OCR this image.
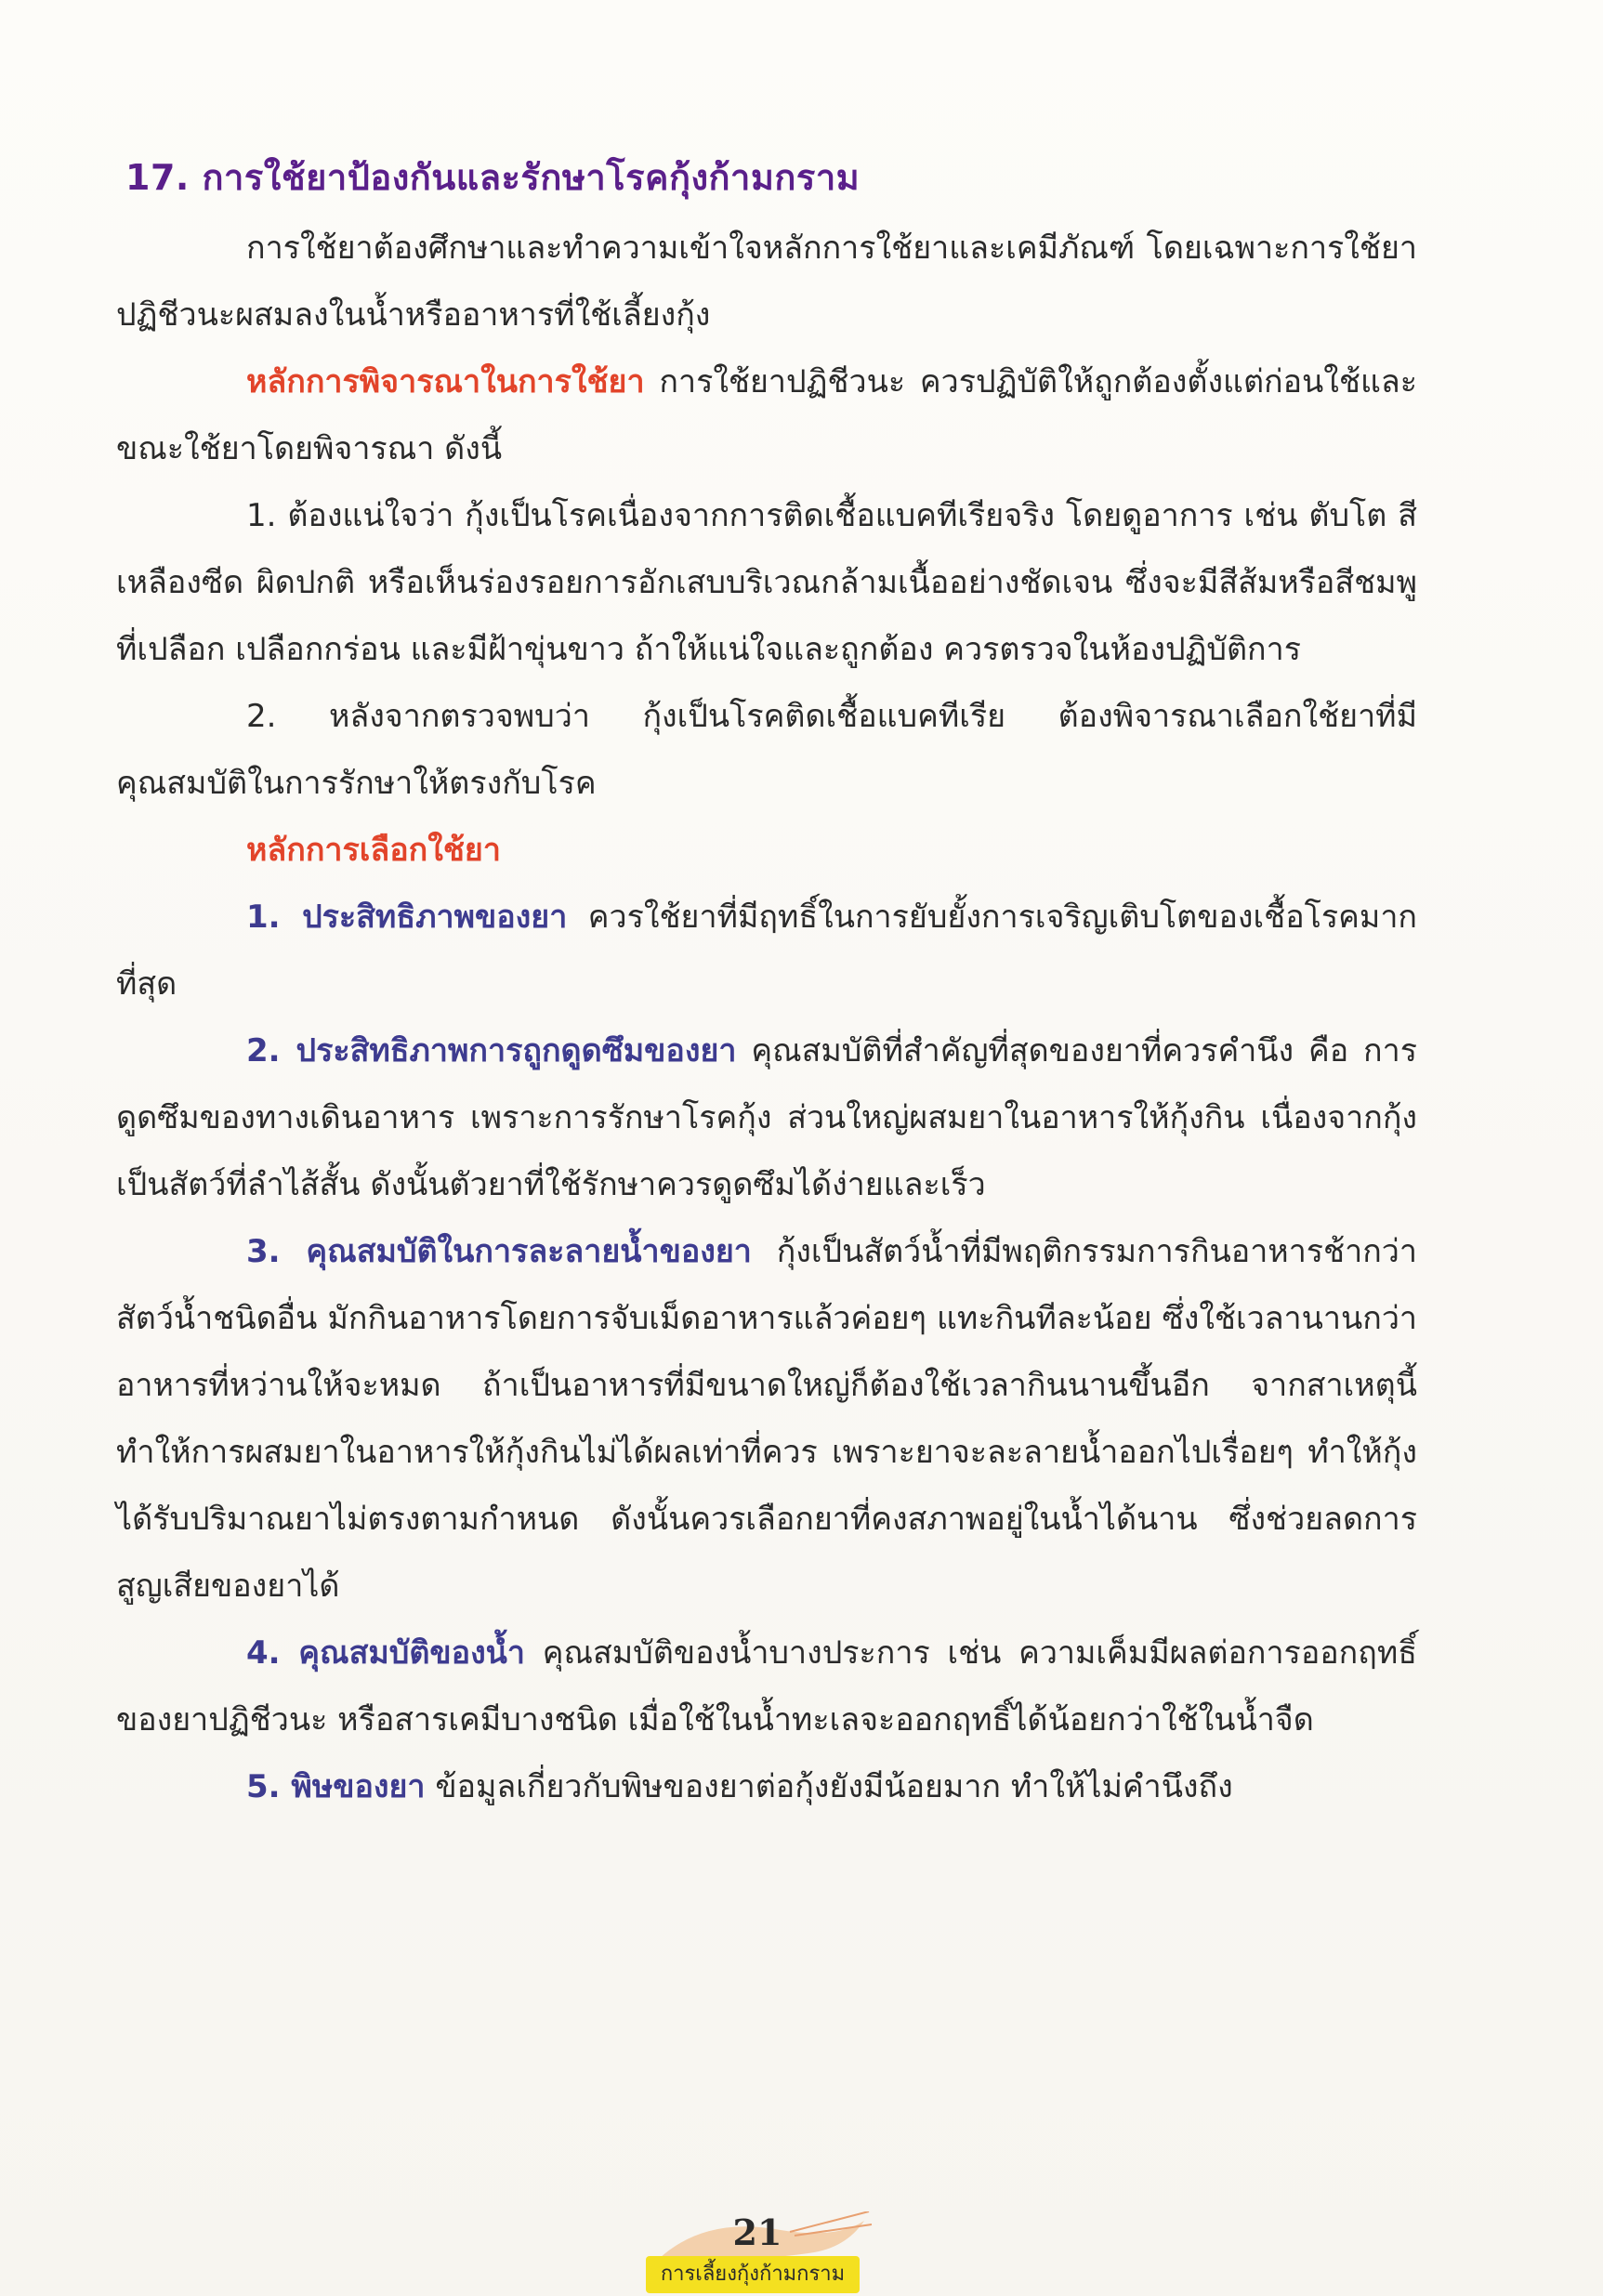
17. การใช้ยาป้องกันและรักษาโรคกุ้งก้ามกราม

การใช้ยาต้องศึกษาและทำความเข้าใจหลักการใช้ยาและเคมีภัณฑ์ โดยเฉพาะการใช้ยาปฏิชีวนะผสมลงในน้ำหรืออาหารที่ใช้เลี้ยงกุ้ง

หลักการพิจารณาในการใช้ยา การใช้ยาปฏิชีวนะ ควรปฏิบัติให้ถูกต้องตั้งแต่ก่อนใช้และขณะใช้ยาโดยพิจารณา ดังนี้

1. ต้องแน่ใจว่า กุ้งเป็นโรคเนื่องจากการติดเชื้อแบคทีเรียจริง โดยดูอาการ เช่น ตับโต สีเหลืองซีด ผิดปกติ หรือเห็นร่องรอยการอักเสบบริเวณกล้ามเนื้ออย่างชัดเจน ซึ่งจะมีสีส้มหรือสีชมพูที่เปลือก เปลือกกร่อน และมีฝ้าขุ่นขาว ถ้าให้แน่ใจและถูกต้อง ควรตรวจในห้องปฏิบัติการ

2. หลังจากตรวจพบว่า กุ้งเป็นโรคติดเชื้อแบคทีเรีย ต้องพิจารณาเลือกใช้ยาที่มีคุณสมบัติในการรักษาให้ตรงกับโรค

หลักการเลือกใช้ยา

1. ประสิทธิภาพของยา ควรใช้ยาที่มีฤทธิ์ในการยับยั้งการเจริญเติบโตของเชื้อโรคมากที่สุด

2. ประสิทธิภาพการถูกดูดซึมของยา คุณสมบัติที่สำคัญที่สุดของยาที่ควรคำนึง คือ การดูดซึมของทางเดินอาหาร เพราะการรักษาโรคกุ้ง ส่วนใหญ่ผสมยาในอาหารให้กุ้งกิน เนื่องจากกุ้งเป็นสัตว์ที่ลำไส้สั้น ดังนั้นตัวยาที่ใช้รักษาควรดูดซึมได้ง่ายและเร็ว

3. คุณสมบัติในการละลายน้ำของยา กุ้งเป็นสัตว์น้ำที่มีพฤติกรรมการกินอาหารช้ากว่าสัตว์น้ำชนิดอื่น มักกินอาหารโดยการจับเม็ดอาหารแล้วค่อยๆ แทะกินทีละน้อย ซึ่งใช้เวลานานกว่าอาหารที่หว่านให้จะหมด ถ้าเป็นอาหารที่มีขนาดใหญ่ก็ต้องใช้เวลากินนานขึ้นอีก จากสาเหตุนี้ทำให้การผสมยาในอาหารให้กุ้งกินไม่ได้ผลเท่าที่ควร เพราะยาจะละลายน้ำออกไปเรื่อยๆ ทำให้กุ้งได้รับปริมาณยาไม่ตรงตามกำหนด ดังนั้นควรเลือกยาที่คงสภาพอยู่ในน้ำได้นาน ซึ่งช่วยลดการสูญเสียของยาได้

4. คุณสมบัติของน้ำ คุณสมบัติของน้ำบางประการ เช่น ความเค็มมีผลต่อการออกฤทธิ์ของยาปฏิชีวนะ หรือสารเคมีบางชนิด เมื่อใช้ในน้ำทะเลจะออกฤทธิ์ได้น้อยกว่าใช้ในน้ำจืด

5. พิษของยา ข้อมูลเกี่ยวกับพิษของยาต่อกุ้งยังมีน้อยมาก ทำให้ไม่คำนึงถึง

21
การเลี้ยงกุ้งก้ามกราม
